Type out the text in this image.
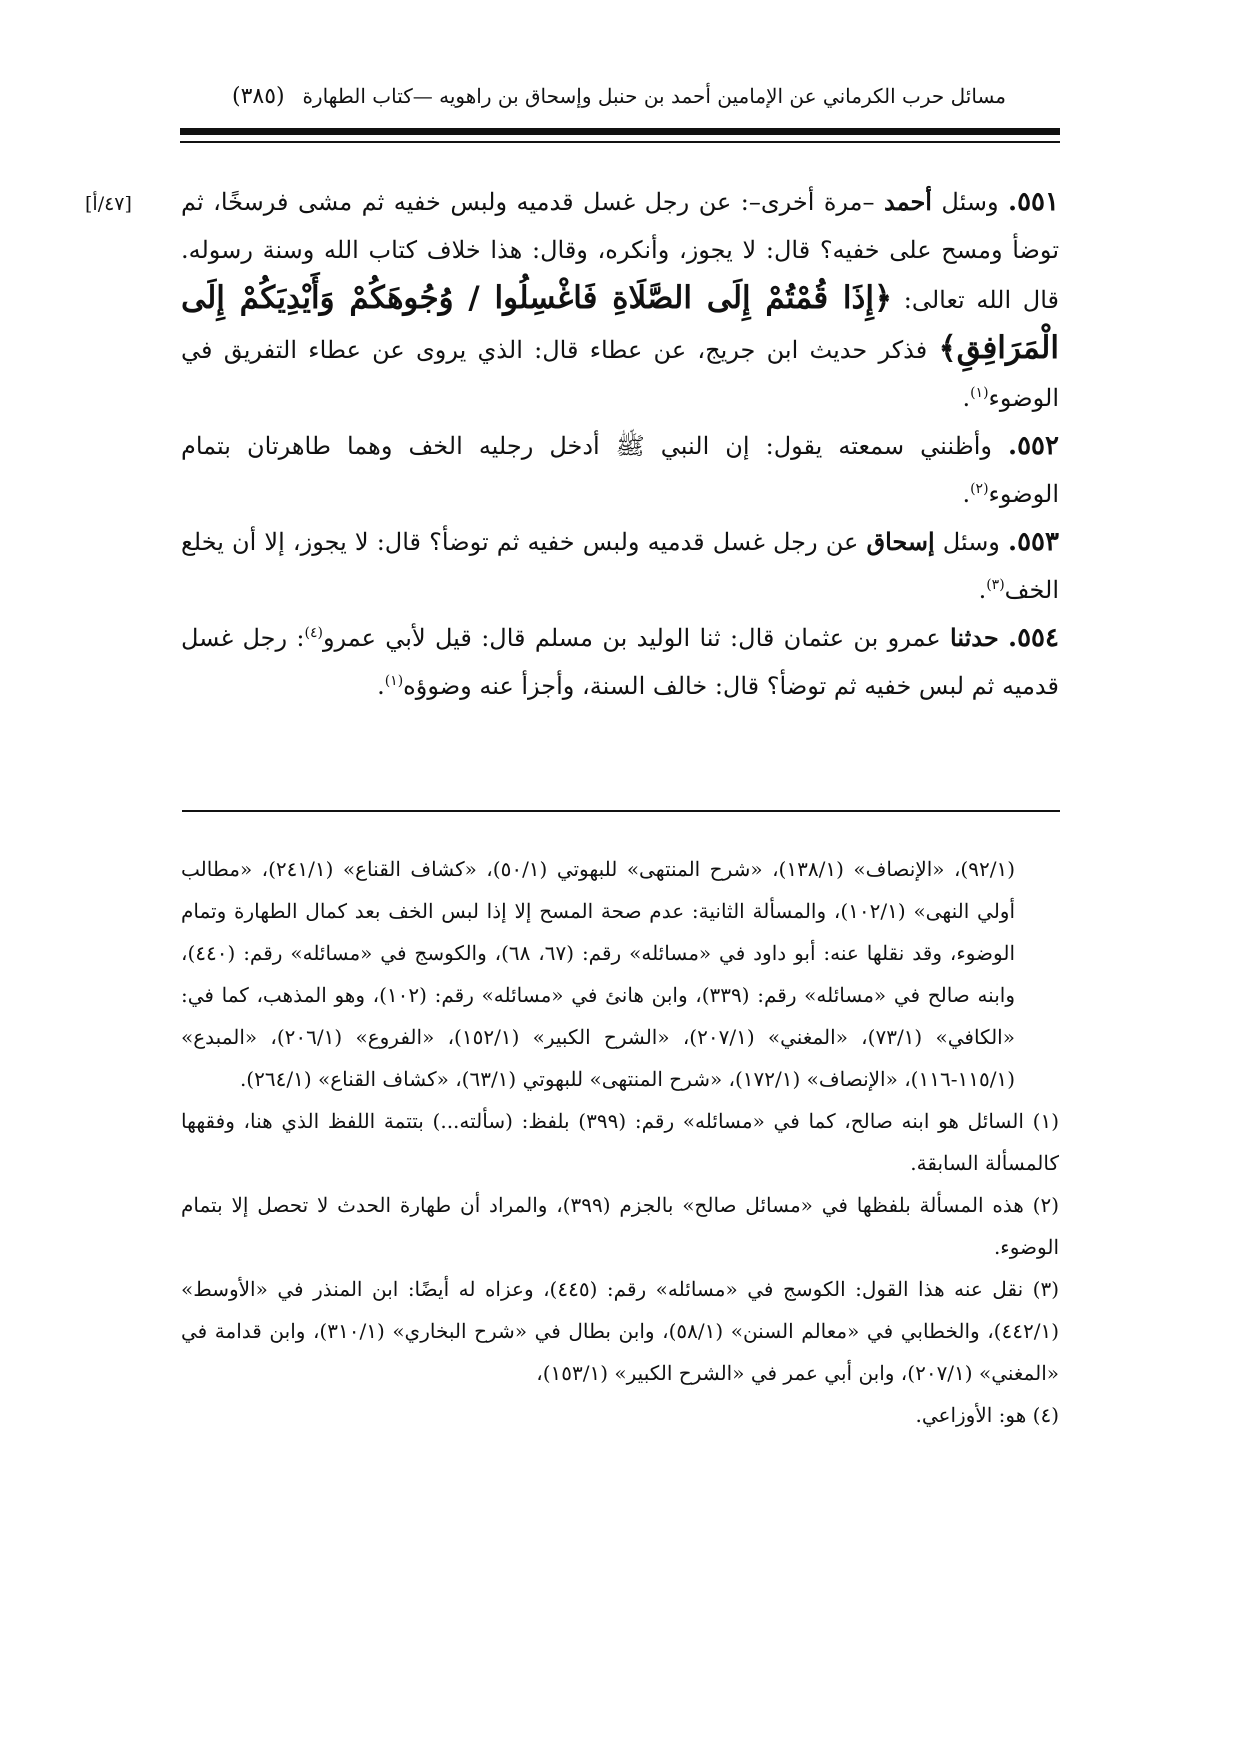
مسائل حرب الكرماني عن الإمامين أحمد بن حنبل وإسحاق بن راهويه —كتاب الطهارة
(٣٨٥)
[٤٧/أ]	٥٥١. وسئل أحمد –مرة أخرى–: عن رجل غسل قدميه ولبس خفيه ثم مشى فرسخًا، ثم توضأ ومسح على خفيه؟ قال: لا يجوز، وأنكره، وقال: هذا خلاف كتاب الله وسنة رسوله. قال الله تعالى: ﴿إِذَا قُمْتُمْ إِلَى الصَّلَاةِ فَاغْسِلُوا / وُجُوهَكُمْ وَأَيْدِيَكُمْ إِلَى الْمَرَافِقِ﴾ فذكر حديث ابن جريج، عن عطاء قال: الذي يروى عن عطاء التفريق في الوضوء$^{(١)}$.

٥٥٢. وأظنني سمعته يقول: إن النبي ﷺ أدخل رجليه الخف وهما طاهرتان بتمام الوضوء$^{(٢)}$.

٥٥٣. وسئل إسحاق عن رجل غسل قدميه ولبس خفيه ثم توضأ؟ قال: لا يجوز، إلا أن يخلع الخف$^{(٣)}$.

٥٥٤. حدثنا عمرو بن عثمان قال: ثنا الوليد بن مسلم قال: قيل لأبي عمرو$^{(٤)}$: رجل غسل قدميه ثم لبس خفيه ثم توضأ؟ قال: خالف السنة، وأجزأ عنه وضوؤه$^{(١)}$.

(٩٢/١)، «الإنصاف» (١٣٨/١)، «شرح المنتهى» للبهوتي (٥٠/١)، «كشاف القناع» (٢٤١/١)، «مطالب أولي النهى» (١٠٢/١)، والمسألة الثانية: عدم صحة المسح إلا إذا لبس الخف بعد كمال الطهارة وتمام الوضوء، وقد نقلها عنه: أبو داود في «مسائله» رقم: (٦٧، ٦٨)، والكوسج في «مسائله» رقم: (٤٤٠)، وابنه صالح في «مسائله» رقم: (٣٣٩)، وابن هانئ في «مسائله» رقم: (١٠٢)، وهو المذهب، كما في: «الكافي» (٧٣/١)، «المغني» (٢٠٧/١)، «الشرح الكبير» (١٥٢/١)، «الفروع» (٢٠٦/١)، «المبدع» (١١٥/١-١١٦)، «الإنصاف» (١٧٢/١)، «شرح المنتهى» للبهوتي (٦٣/١)، «كشاف القناع» (٢٦٤/١).

(١) السائل هو ابنه صالح، كما في «مسائله» رقم: (٣٩٩) بلفظ: (سألته...) بتتمة اللفظ الذي هنا، وفقهها كالمسألة السابقة.

(٢) هذه المسألة بلفظها في «مسائل صالح» بالجزم (٣٩٩)، والمراد أن طهارة الحدث لا تحصل إلا بتمام الوضوء.

(٣) نقل عنه هذا القول: الكوسج في «مسائله» رقم: (٤٤٥)، وعزاه له أيضًا: ابن المنذر في «الأوسط» (٤٤٢/١)، والخطابي في «معالم السنن» (٥٨/١)، وابن بطال في «شرح البخاري» (٣١٠/١)، وابن قدامة في «المغني» (٢٠٧/١)، وابن أبي عمر في «الشرح الكبير» (١٥٣/١)،

(٤) هو: الأوزاعي.
